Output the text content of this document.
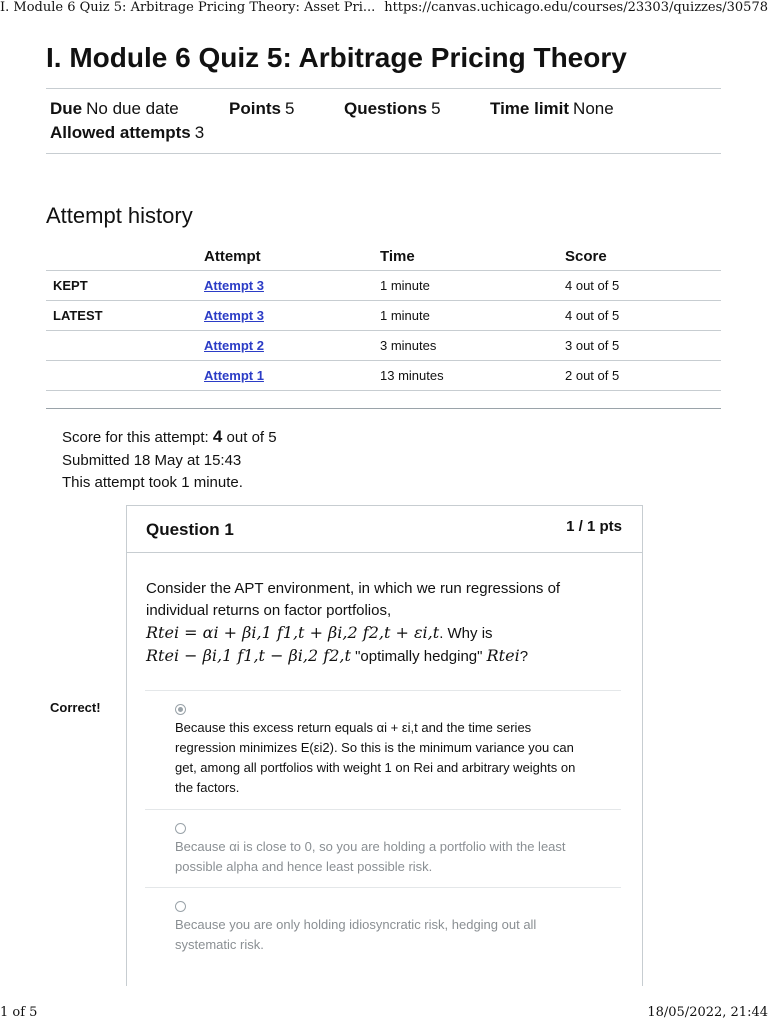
I. Module 6 Quiz 5: Arbitrage Pricing Theory: Asset Pri... https://canvas.uchicago.edu/courses/23303/quizzes/30578
I. Module 6 Quiz 5: Arbitrage Pricing Theory
Due No due date	Points 5	Questions 5	Time limit None
Allowed attempts 3
Attempt history
	Attempt	Time	Score
KEPT	Attempt 3	1 minute	4 out of 5
LATEST	Attempt 3	1 minute	4 out of 5
	Attempt 2	3 minutes	3 out of 5
	Attempt 1	13 minutes	2 out of 5
Score for this attempt: 4 out of 5
Submitted 18 May at 15:43
This attempt took 1 minute.
Question 1	1 / 1 pts
Consider the APT environment, in which we run regressions of individual returns on factor portfolios,
Rtei = αi + βi,1 f1,t + βi,2 f2,t + εi,t. Why is
Rtei − βi,1 f1,t − βi,2 f2,t "optimally hedging" Rtei?
Correct!
Because this excess return equals αi + εi,t and the time series regression minimizes E(εi2). So this is the minimum variance you can get, among all portfolios with weight 1 on Rei and arbitrary weights on the factors.
Because αi is close to 0, so you are holding a portfolio with the least possible alpha and hence least possible risk.
Because you are only holding idiosyncratic risk, hedging out all systematic risk.
1 of 5	18/05/2022, 21:44
